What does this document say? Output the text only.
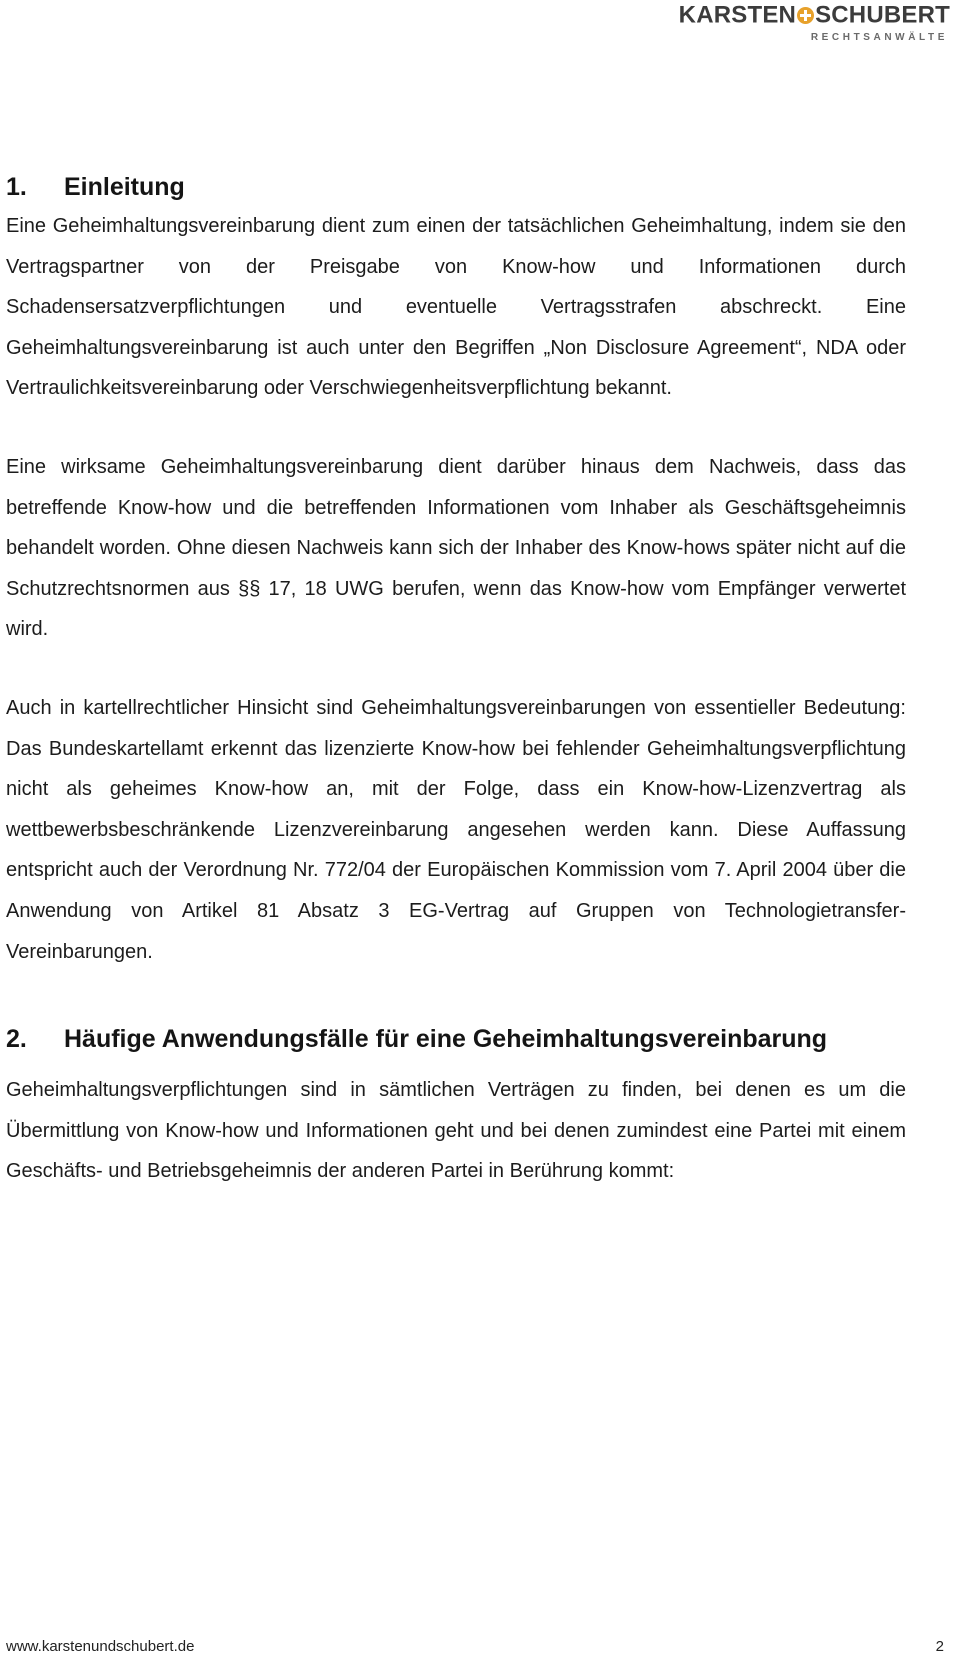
KARSTEN SCHUBERT
RECHTSANWÄLTE
1.	Einleitung

Eine Geheimhaltungsvereinbarung dient zum einen der tatsächlichen Geheimhaltung, indem sie den Vertragspartner von der Preisgabe von Know-how und Informationen durch Schadensersatzverpflichtungen und eventuelle Vertragsstrafen abschreckt. Eine Geheimhaltungsvereinbarung ist auch unter den Begriffen „Non Disclosure Agreement“, NDA oder Vertraulichkeitsvereinbarung oder Verschwiegenheitsverpflichtung bekannt.

Eine wirksame Geheimhaltungsvereinbarung dient darüber hinaus dem Nachweis, dass das betreffende Know-how und die betreffenden Informationen vom Inhaber als Geschäftsgeheimnis behandelt worden. Ohne diesen Nachweis kann sich der Inhaber des Know-hows später nicht auf die Schutzrechtsnormen aus §§ 17, 18 UWG berufen, wenn das Know-how vom Empfänger verwertet wird.

Auch in kartellrechtlicher Hinsicht sind Geheimhaltungsvereinbarungen von essentieller Bedeutung: Das Bundeskartellamt erkennt das lizenzierte Know-how bei fehlender Geheimhaltungsverpflichtung nicht als geheimes Know-how an, mit der Folge, dass ein Know-how-Lizenzvertrag als wettbewerbsbeschränkende Lizenzvereinbarung angesehen werden kann. Diese Auffassung entspricht auch der Verordnung Nr. 772/04 der Europäischen Kommission vom 7. April 2004 über die Anwendung von Artikel 81 Absatz 3 EG-Vertrag auf Gruppen von Technologietransfer-Vereinbarungen.

2.	Häufige Anwendungsfälle für eine Geheimhaltungsvereinbarung

Geheimhaltungsverpflichtungen sind in sämtlichen Verträgen zu finden, bei denen es um die Übermittlung von Know-how und Informationen geht und bei denen zumindest eine Partei mit einem Geschäfts- und Betriebsgeheimnis der anderen Partei in Berührung kommt:

www.karstenundschubert.de	2
